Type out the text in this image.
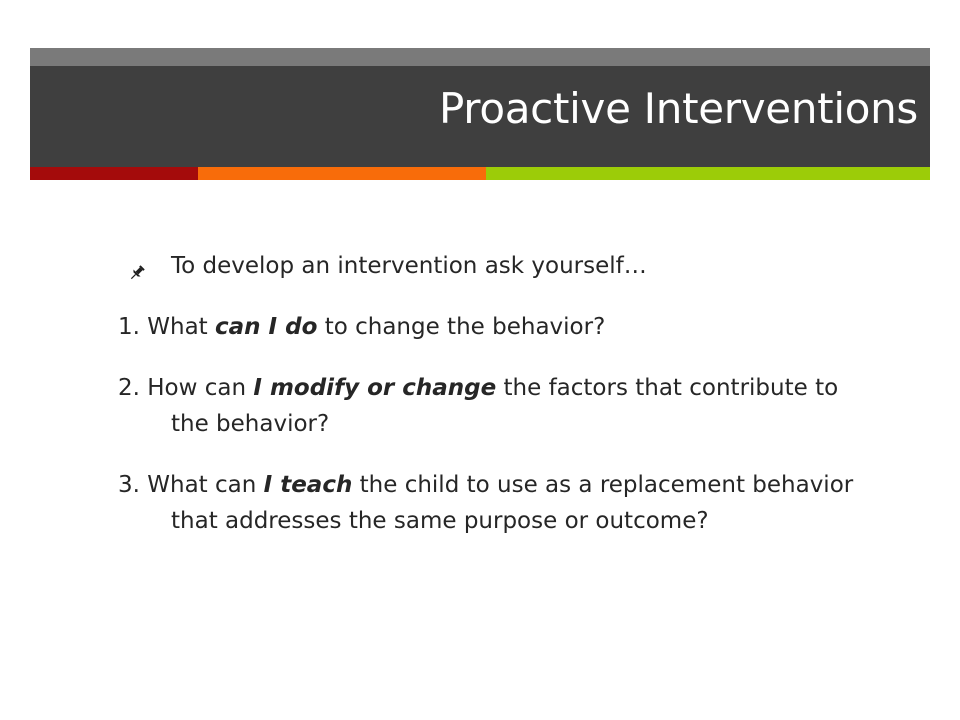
Proactive Interventions
To develop an intervention ask yourself…
1. What can I do to change the behavior?
2. How can I modify or change the factors that contribute to the behavior?
3. What can I teach the child to use as a replacement behavior that addresses the same purpose or outcome?
